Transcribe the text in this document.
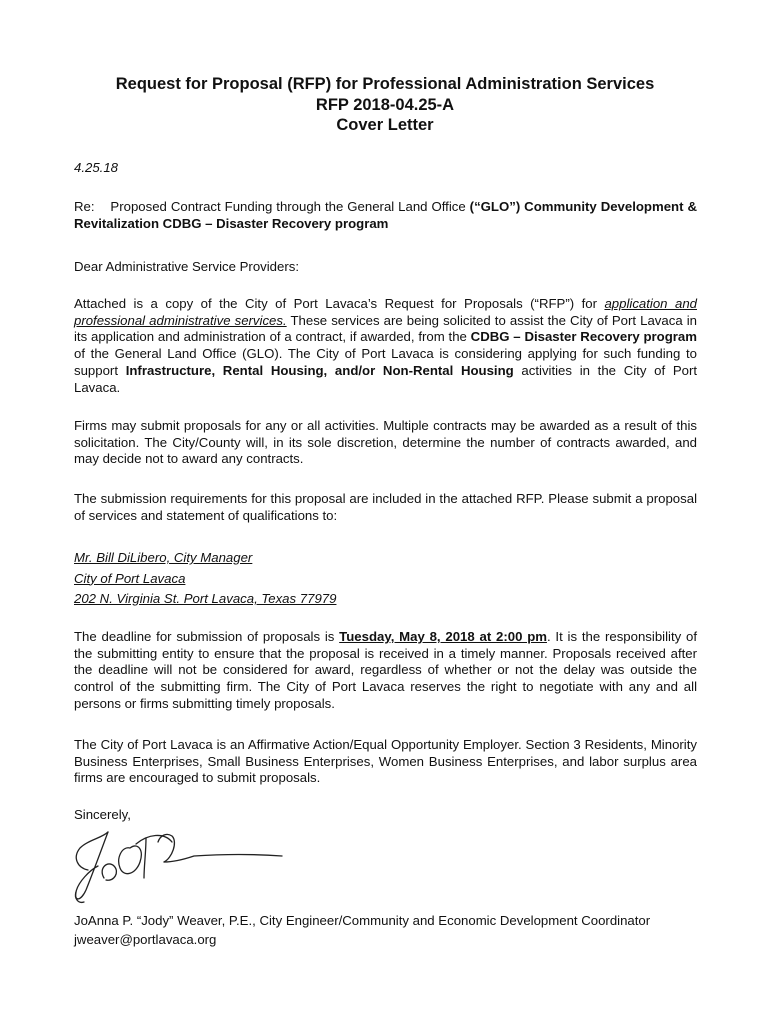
Request for Proposal (RFP) for Professional Administration Services
RFP 2018-04.25-A
Cover Letter
4.25.18
Re: Proposed Contract Funding through the General Land Office (“GLO”) Community Development & Revitalization CDBG – Disaster Recovery program
Dear Administrative Service Providers:
Attached is a copy of the City of Port Lavaca’s Request for Proposals (“RFP”) for application and professional administrative services. These services are being solicited to assist the City of Port Lavaca in its application and administration of a contract, if awarded, from the CDBG – Disaster Recovery program of the General Land Office (GLO). The City of Port Lavaca is considering applying for such funding to support Infrastructure, Rental Housing, and/or Non-Rental Housing activities in the City of Port Lavaca.
Firms may submit proposals for any or all activities. Multiple contracts may be awarded as a result of this solicitation. The City/County will, in its sole discretion, determine the number of contracts awarded, and may decide not to award any contracts.
The submission requirements for this proposal are included in the attached RFP. Please submit a proposal of services and statement of qualifications to:
Mr. Bill DiLibero, City Manager
City of Port Lavaca
202 N. Virginia St. Port Lavaca, Texas 77979
The deadline for submission of proposals is Tuesday, May 8, 2018 at 2:00 pm. It is the responsibility of the submitting entity to ensure that the proposal is received in a timely manner. Proposals received after the deadline will not be considered for award, regardless of whether or not the delay was outside the control of the submitting firm. The City of Port Lavaca reserves the right to negotiate with any and all persons or firms submitting timely proposals.
The City of Port Lavaca is an Affirmative Action/Equal Opportunity Employer. Section 3 Residents, Minority Business Enterprises, Small Business Enterprises, Women Business Enterprises, and labor surplus area firms are encouraged to submit proposals.
Sincerely,
JoAnna P. “Jody” Weaver, P.E., City Engineer/Community and Economic Development Coordinator
jweaver@portlavaca.org
